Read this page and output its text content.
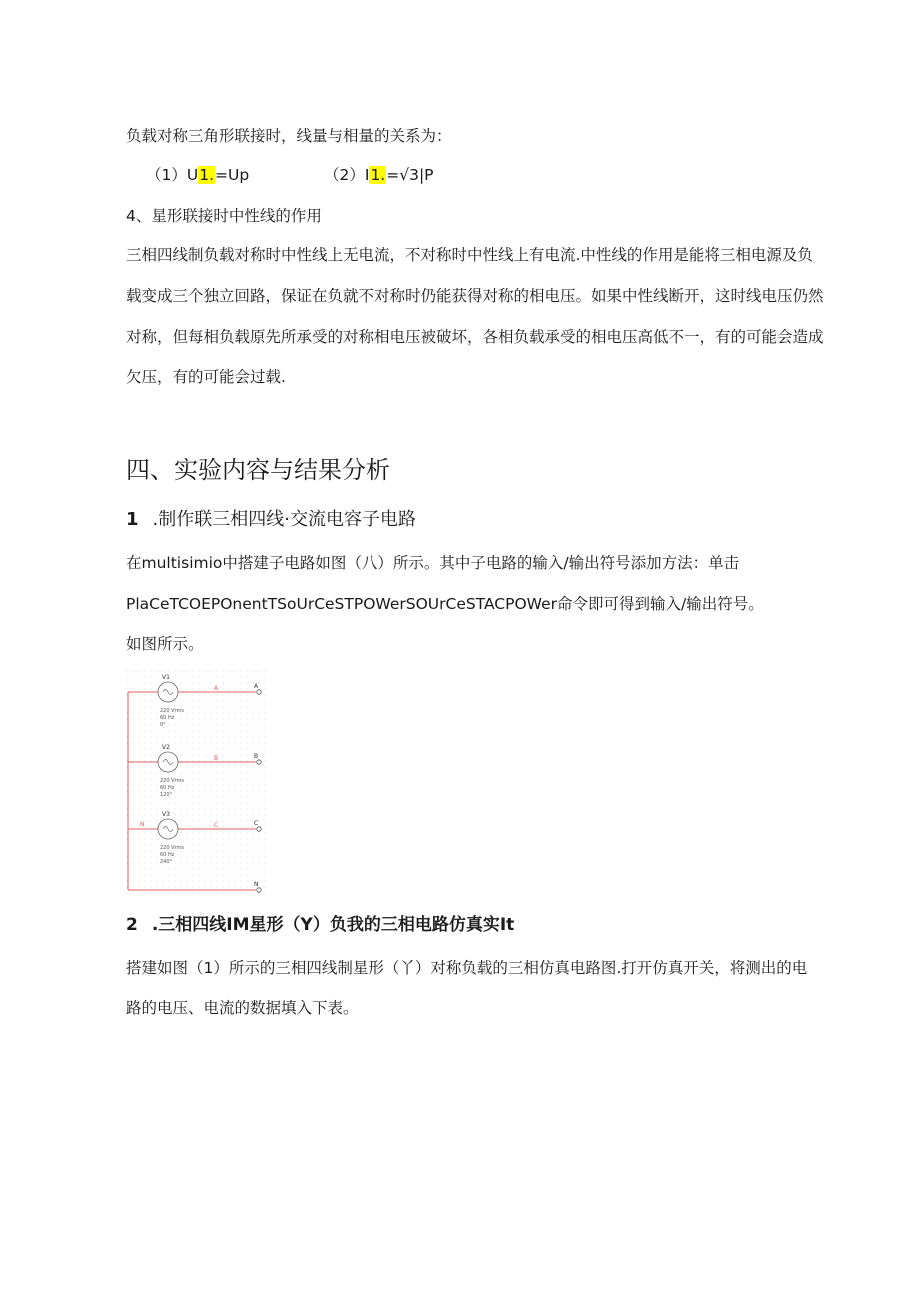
负载对称三角形联接时，线量与相量的关系为：
（1）U1.=Up	（2）I1.=√3|P
4、星形联接时中性线的作用
三相四线制负载对称时中性线上无电流，不对称时中性线上有电流.中性线的作用是能将三相电源及负
载变成三个独立回路，保证在负就不对称时仍能获得对称的相电压。如果中性线断开，这时线电压仍然
对称，但每相负载原先所承受的对称相电压被破坏，各相负载承受的相电压高低不一，有的可能会造成
欠压，有的可能会过载.
四、实验内容与结果分析
1 .制作联三相四线·交流电容子电路
在multisimio中搭建子电路如图（八）所示。其中子电路的输入/输出符号添加方法：单击
PlaCeTCOEPOnentTSoUrCeSTPOWerSOUrCeSTACPOWer命令即可得到输入/输出符号。
如图所示。
N
N
V1
220 Vrms
60 Hz
0°
A	A
V2
220 Vrms
60 Hz
120°
B	B
V3
220 Vrms
60 Hz
240°
C	C
2 .三相四线IM星形（Y）负我的三相电路仿真实It
搭建如图（1）所示的三相四线制星形（丫）对称负载的三相仿真电路图.打开仿真开关，将测出的电
路的电压、电流的数据填入下表。
